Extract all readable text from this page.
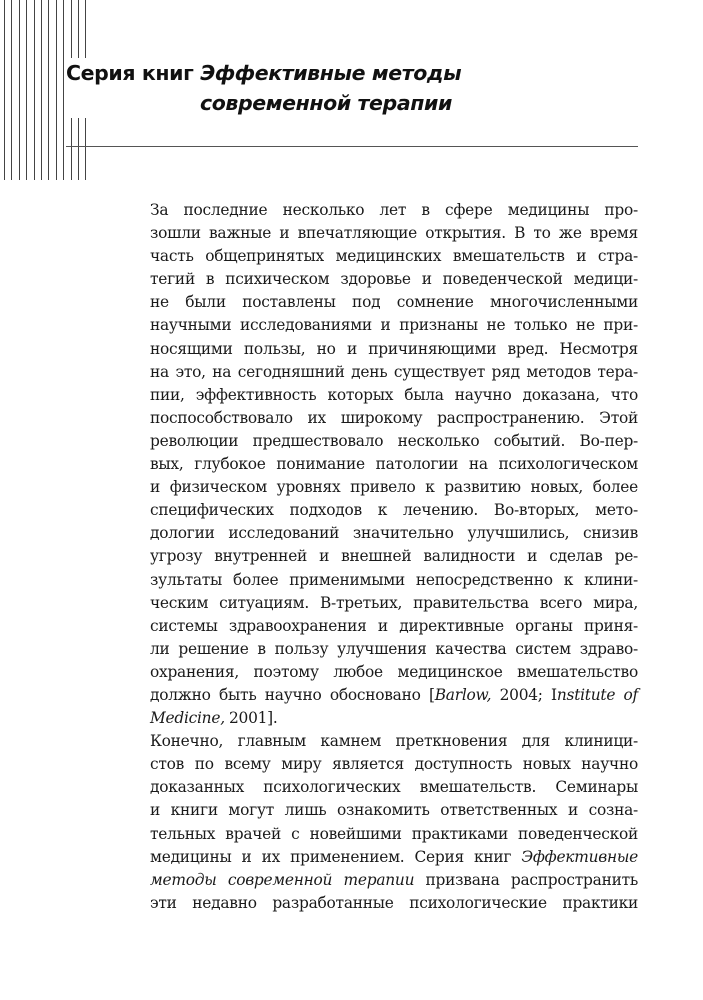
Серия книг Эффективные методы
современной терапии

За последние несколько лет в сфере медицины про-
зошли важные и впечатляющие открытия. В то же время
часть общепринятых медицинских вмешательств и стра-
тегий в психическом здоровье и поведенческой медици-
не были поставлены под сомнение многочисленными
научными исследованиями и признаны не только не при-
носящими пользы, но и причиняющими вред. Несмотря
на это, на сегодняшний день существует ряд методов тера-
пии, эффективность которых была научно доказана, что
поспособствовало их широкому распространению. Этой
революции предшествовало несколько событий. Во-пер-
вых, глубокое понимание патологии на психологическом
и физическом уровнях привело к развитию новых, более
специфических подходов к лечению. Во-вторых, мето-
дологии исследований значительно улучшились, снизив
угрозу внутренней и внешней валидности и сделав ре-
зультаты более применимыми непосредственно к клини-
ческим ситуациям. В-третьих, правительства всего мира,
системы здравоохранения и директивные органы приня-
ли решение в пользу улучшения качества систем здраво-
охранения, поэтому любое медицинское вмешательство
должно быть научно обосновано [Barlow, 2004; Institute of
Medicine, 2001].

Конечно, главным камнем преткновения для клиници-
стов по всему миру является доступность новых научно
доказанных психологических вмешательств. Семинары
и книги могут лишь ознакомить ответственных и созна-
тельных врачей с новейшими практиками поведенческой
медицины и их применением. Серия книг Эффективные
методы современной терапии призвана распространить
эти недавно разработанные психологические практики
